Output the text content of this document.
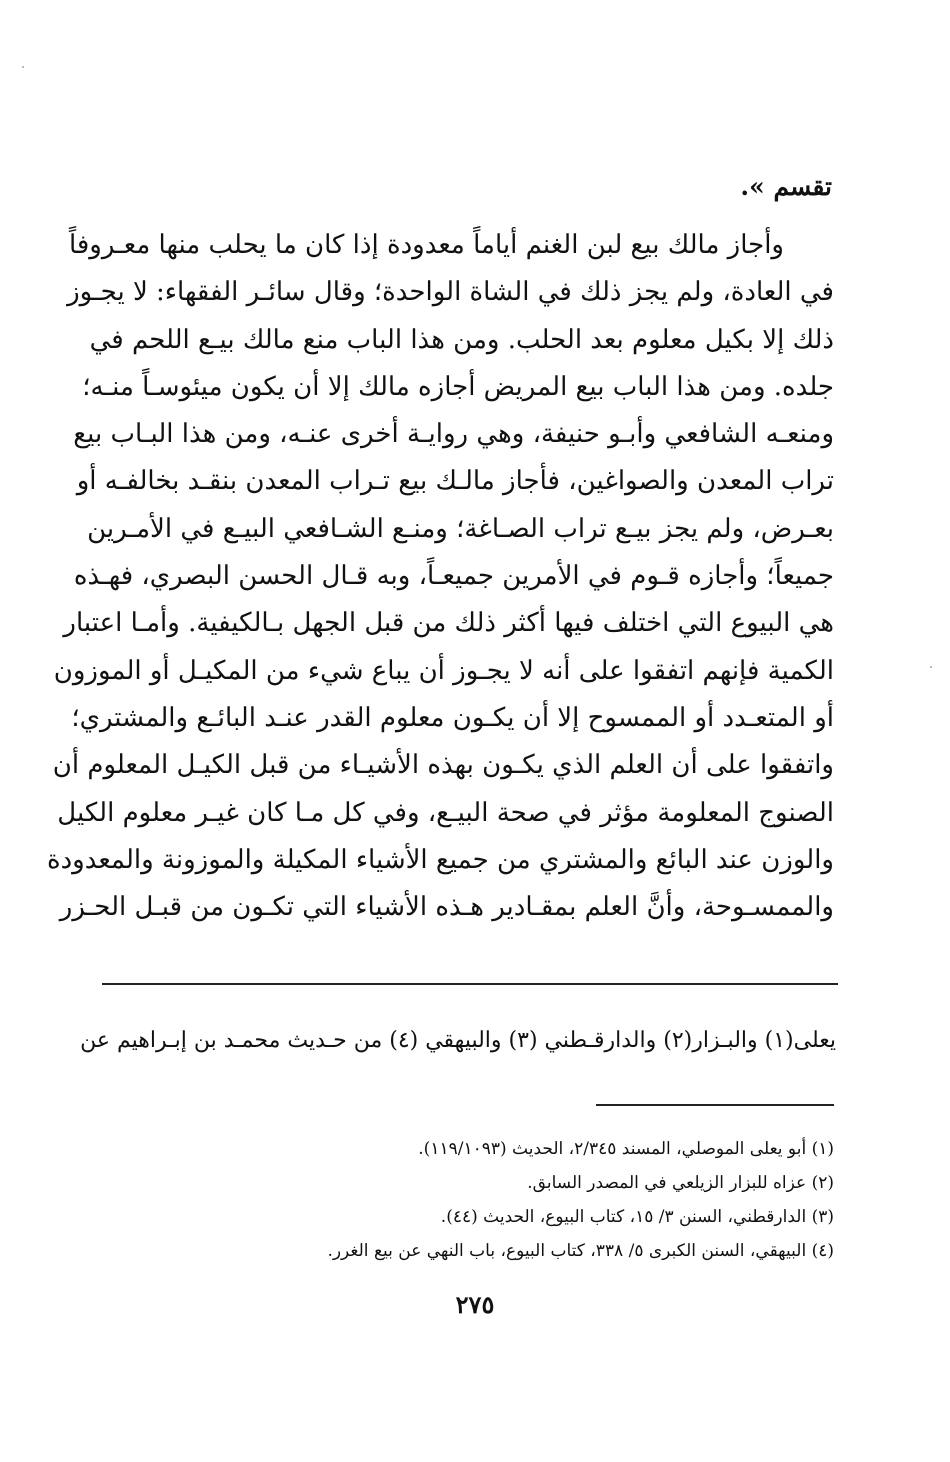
تقسم ».
وأجاز مالك بيع لبن الغنم أياماً معدودة إذا كان ما يحلب منها معـروفاً
في العادة، ولم يجز ذلك في الشاة الواحدة؛ وقال سائـر الفقهاء: لا يجـوز
ذلك إلا بكيل معلوم بعد الحلب. ومن هذا الباب منع مالك بيـع اللحم في
جلده. ومن هذا الباب بيع المريض أجازه مالك إلا أن يكون ميئوسـاً منـه؛
ومنعـه الشافعي وأبـو حنيفة، وهي روايـة أخرى عنـه، ومن هذا البـاب بيع
تراب المعدن والصواغين، فأجاز مالـك بيع تـراب المعدن بنقـد بخالفـه أو
بعـرض، ولم يجز بيـع تراب الصـاغة؛ ومنـع الشـافعي البيـع في الأمـرين
جميعاً؛ وأجازه قـوم في الأمرين جميعـاً، وبه قـال الحسن البصري، فهـذه
هي البيوع التي اختلف فيها أكثر ذلك من قبل الجهل بـالكيفية. وأمـا اعتبار
الكمية فإنهم اتفقوا على أنه لا يجـوز أن يباع شيء من المكيـل أو الموزون
أو المتعـدد أو الممسوح إلا أن يكـون معلوم القدر عنـد البائـع والمشتري؛
واتفقوا على أن العلم الذي يكـون بهذه الأشيـاء من قبل الكيـل المعلوم أن
الصنوج المعلومة مؤثر في صحة البيـع، وفي كل مـا كان غيـر معلوم الكيل
والوزن عند البائع والمشتري من جميع الأشياء المكيلة والموزونة والمعدودة
والممسـوحة، وأنَّ العلم بمقـادير هـذه الأشياء التي تكـون من قبـل الحـزر
يعلى(١) والبـزار(٢) والدارقـطني (٣) والبيهقي (٤) من حـديث محمـد بن إبـراهيم عن
(١) أبو يعلى الموصلي، المسند ٢/٣٤٥، الحديث (١١٩/١٠٩٣).
(٢) عزاه للبزار الزيلعي في المصدر السابق.
(٣) الدارقطني، السنن ٣/ ١٥، كتاب البيوع، الحديث (٤٤).
(٤) البيهقي، السنن الكبرى ٥/ ٣٣٨، كتاب البيوع، باب النهي عن بيع الغرر.
٢٧٥
